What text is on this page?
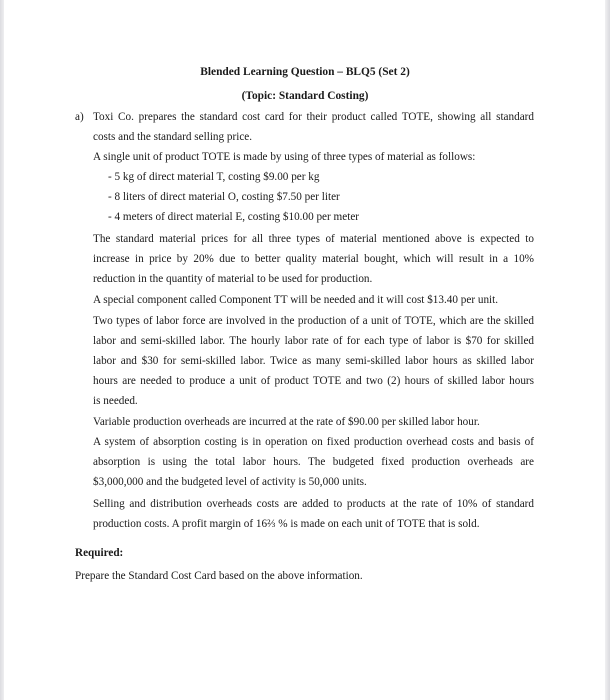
Blended Learning Question – BLQ5 (Set 2)
(Topic: Standard Costing)
a) Toxi Co. prepares the standard cost card for their product called TOTE, showing all standard
costs and the standard selling price.
A single unit of product TOTE is made by using of three types of material as follows:
- 5 kg of direct material T, costing $9.00 per kg
- 8 liters of direct material O, costing $7.50 per liter
- 4 meters of direct material E, costing $10.00 per meter
The standard material prices for all three types of material mentioned above is expected to
increase in price by 20% due to better quality material bought, which will result in a 10%
reduction in the quantity of material to be used for production.
A special component called Component TT will be needed and it will cost $13.40 per unit.
Two types of labor force are involved in the production of a unit of TOTE, which are the skilled
labor and semi-skilled labor. The hourly labor rate of for each type of labor is $70 for skilled
labor and $30 for semi-skilled labor. Twice as many semi-skilled labor hours as skilled labor
hours are needed to produce a unit of product TOTE and two (2) hours of skilled labor hours
is needed.
Variable production overheads are incurred at the rate of $90.00 per skilled labor hour.
A system of absorption costing is in operation on fixed production overhead costs and basis of
absorption is using the total labor hours. The budgeted fixed production overheads are
$3,000,000 and the budgeted level of activity is 50,000 units.
Selling and distribution overheads costs are added to products at the rate of 10% of standard
production costs. A profit margin of 16⅔ % is made on each unit of TOTE that is sold.
Required:
Prepare the Standard Cost Card based on the above information.
